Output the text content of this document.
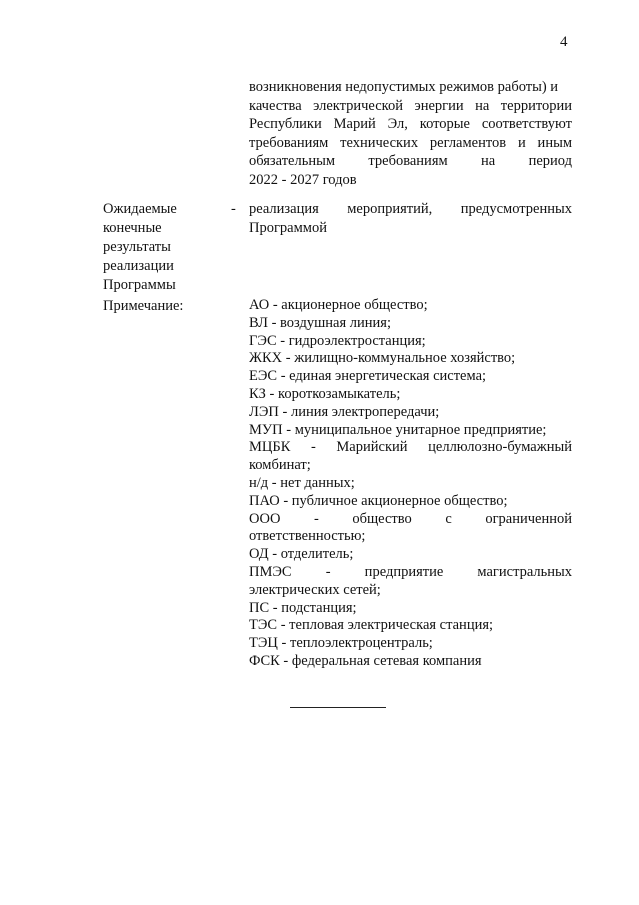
4
возникновения недопустимых режимов работы) и
качества электрической энергии на территории
Республики Марий Эл, которые соответствуют
требованиям технических регламентов и иным
обязательным требованиям на период
2022 - 2027 годов
Ожидаемые
конечные
результаты
реализации
Программы
- реализация мероприятий, предусмотренных
Программой
Примечание:	АО - акционерное общество;
ВЛ - воздушная линия;
ГЭС - гидроэлектростанция;
ЖКХ - жилищно-коммунальное хозяйство;
ЕЭС - единая энергетическая система;
КЗ - короткозамыкатель;
ЛЭП - линия электропередачи;
МУП - муниципальное унитарное предприятие;
МЦБК - Марийский целлюлозно-бумажный
комбинат;
н/д - нет данных;
ПАО - публичное акционерное общество;
ООО - общество с ограниченной
ответственностью;
ОД - отделитель;
ПМЭС - предприятие магистральных
электрических сетей;
ПС - подстанция;
ТЭС - тепловая электрическая станция;
ТЭЦ - теплоэлектроцентраль;
ФСК - федеральная сетевая компания
